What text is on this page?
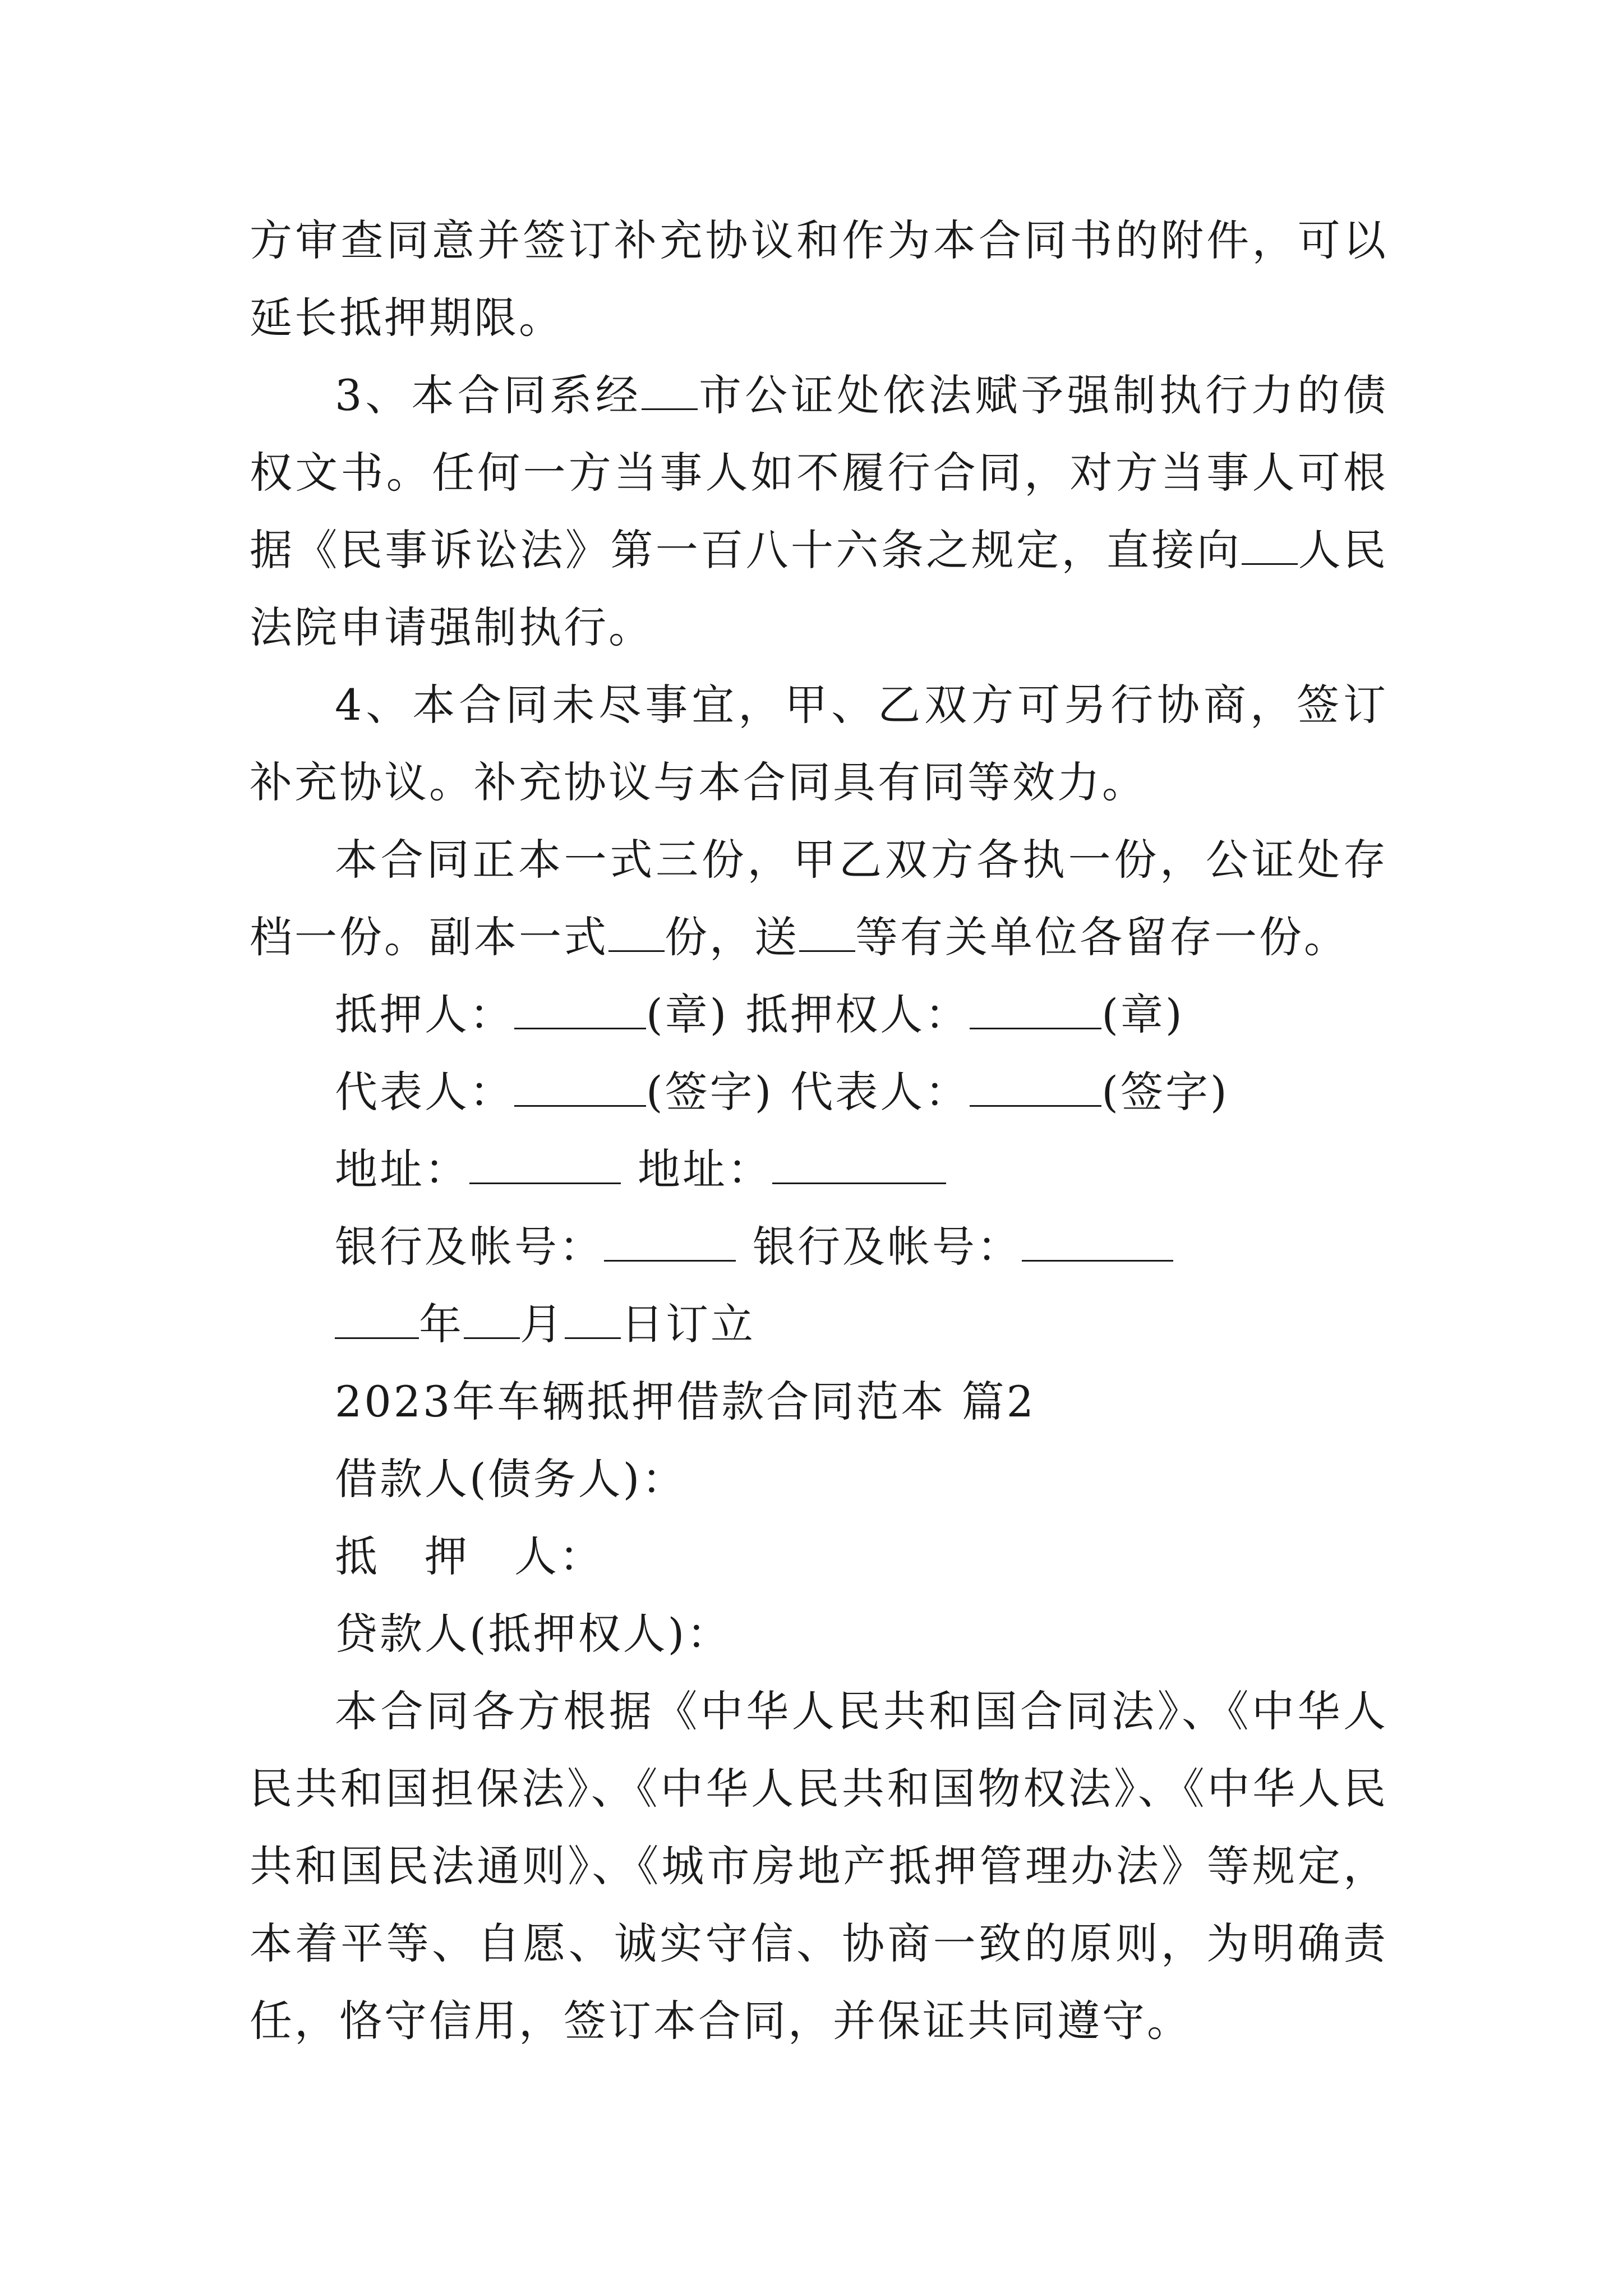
方审查同意并签订补充协议和作为本合同书的附件，可以延长抵押期限。

3、本合同系经 市公证处依法赋予强制执行力的债权文书。任何一方当事人如不履行合同，对方当事人可根据《民事诉讼法》第一百八十六条之规定，直接向 人民法院申请强制执行。

4、本合同未尽事宜，甲、乙双方可另行协商，签订补充协议。补充协议与本合同具有同等效力。

本合同正本一式三份，甲乙双方各执一份，公证处存档一份。副本一式 份，送 等有关单位各留存一份。

抵押人：	(章) 抵押权人：	(章)
代表人：	(签字) 代表人：	(签字)
地址：	地址：
银行及帐号：	银行及帐号：
年 月 日订立
2023年车辆抵押借款合同范本 篇2
借款人(债务人)：
抵　押　人：
贷款人(抵押权人)：

本合同各方根据《中华人民共和国合同法》、《中华人民共和国担保法》、《中华人民共和国物权法》、《中华人民共和国民法通则》、《城市房地产抵押管理办法》等规定，本着平等、自愿、诚实守信、协商一致的原则，为明确责任，恪守信用，签订本合同，并保证共同遵守。
